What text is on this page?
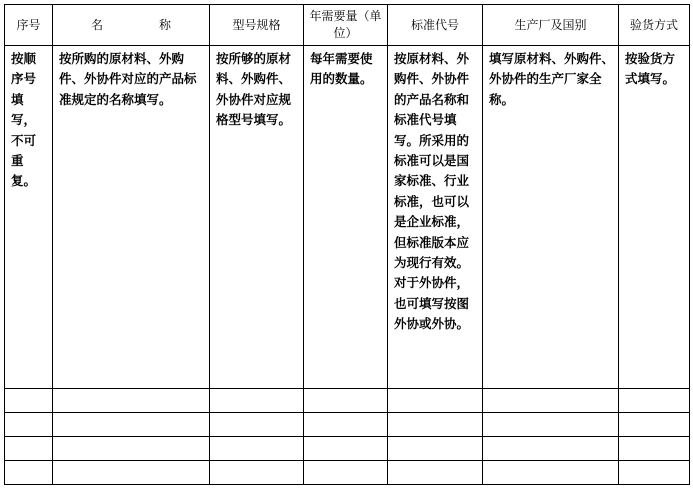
序号	名　称	型号规格	年需要量（单位）	标准代号	生产厂及国别	验货方式
按顺序号填写，不可重复。	按所购的原材料、外购件、外协件对应的产品标准规定的名称填写。	按所够的原材料、外购件、外协件对应规格型号填写。	每年需要使用的数量。	按原材料、外购件、外协件的产品名称和标准代号填写。所采用的标准可以是国家标准、行业标准，也可以是企业标准，但标准版本应为现行有效。对于外协件，也可填写按图外协或外协。	填写原材料、外购件、外协件的生产厂家全称。	按验货方式填写。
